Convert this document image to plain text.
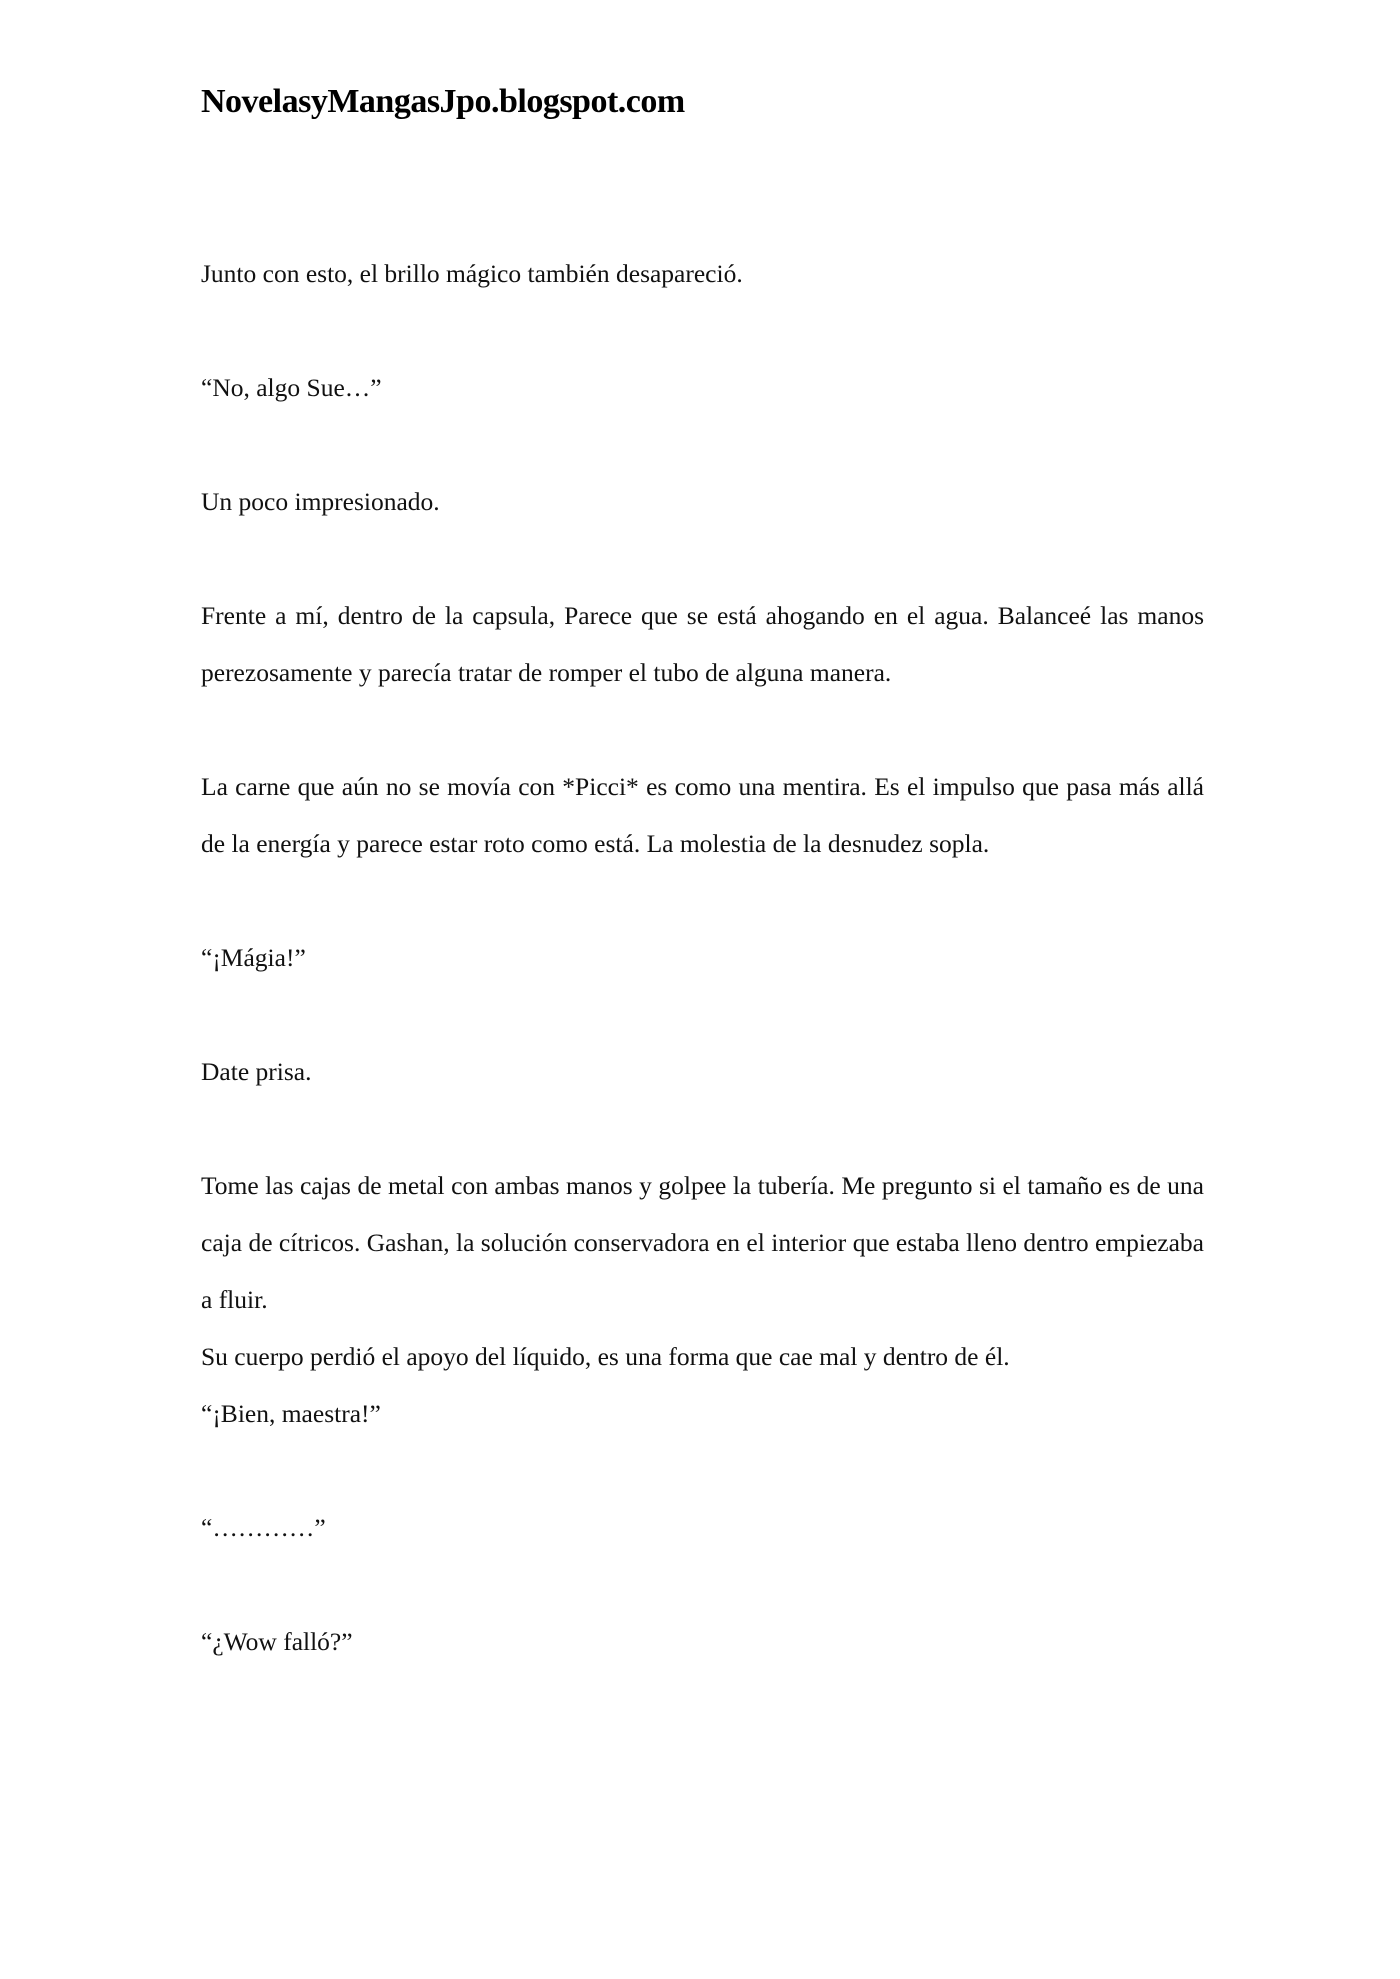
NovelasyMangasJpo.blogspot.com

Junto con esto, el brillo mágico también desapareció.

“No, algo Sue…”

Un poco impresionado.

Frente a mí, dentro de la capsula, Parece que se está ahogando en el agua. Balanceé las manos perezosamente y parecía tratar de romper el tubo de alguna manera.

La carne que aún no se movía con *Picci* es como una mentira. Es el impulso que pasa más allá de la energía y parece estar roto como está. La molestia de la desnudez sopla.

“¡Mágia!”

Date prisa.

Tome las cajas de metal con ambas manos y golpee la tubería. Me pregunto si el tamaño es de una caja de cítricos. Gashan, la solución conservadora en el interior que estaba lleno dentro empiezaba a fluir.

Su cuerpo perdió el apoyo del líquido, es una forma que cae mal y dentro de él.

“¡Bien, maestra!”

“…………”

“¿Wow falló?”
